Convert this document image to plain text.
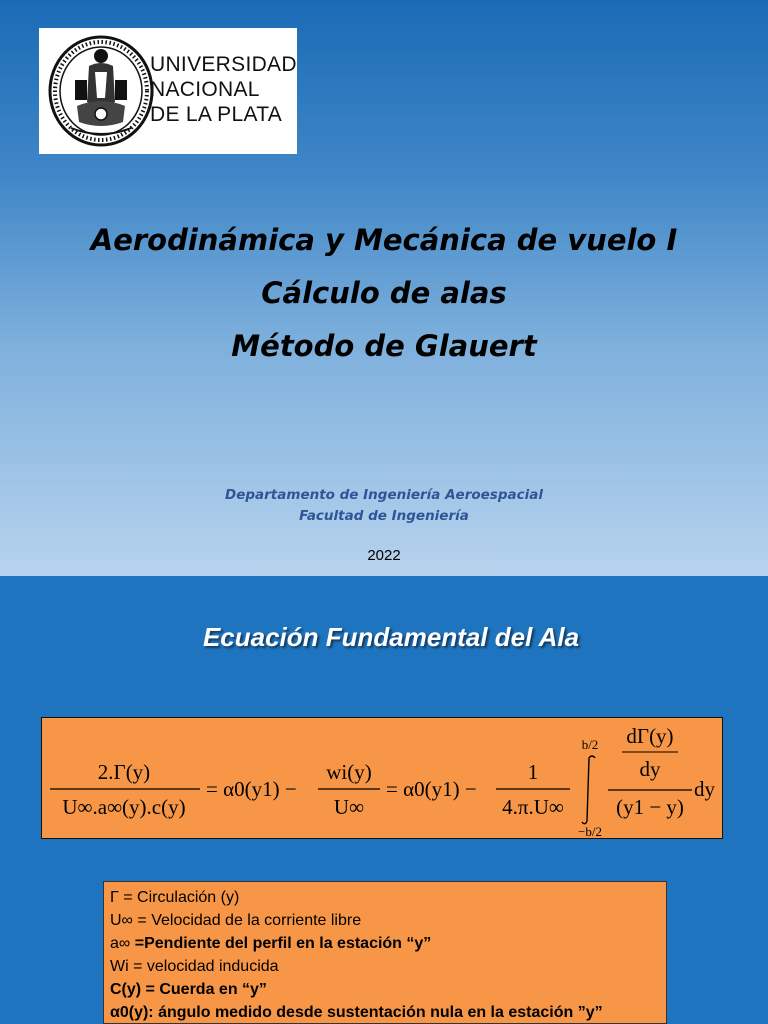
UNIVERSIDAD
NACIONAL
DE LA PLATA
Aerodinámica y Mecánica de vuelo I
Cálculo de alas
Método de Glauert
Departamento de Ingeniería Aeroespacial
Facultad de Ingeniería
2022
Ecuación Fundamental del Ala
2.Γ(y)
U∞.a∞(y).c(y)
= α0(y1) −
wi(y)
U∞
= α0(y1) −
1
4.π.U∞
b/2
−b/2
dΓ(y)
dy
(y1 − y)
dy
Γ = Circulación (y)
U∞ = Velocidad de la corriente libre
a∞ =Pendiente del perfil en la estación “y”
Wi = velocidad inducida
C(y) = Cuerda en “y”
α0(y): ángulo medido desde sustentación nula en la estación ”y”
